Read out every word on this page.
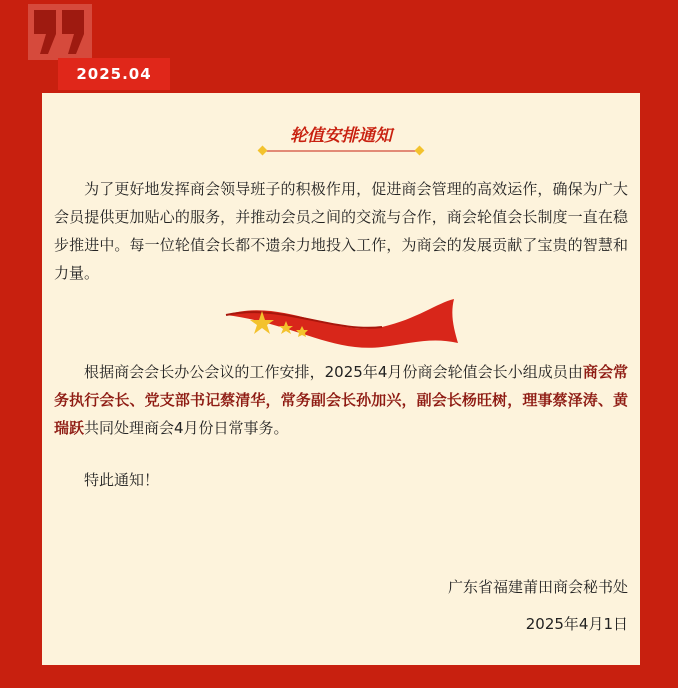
2025.04
轮值安排通知
为了更好地发挥商会领导班子的积极作用，促进商会管理的高效运作，确保为广大会员提供更加贴心的服务，并推动会员之间的交流与合作，商会轮值会长制度一直在稳步推进中。每一位轮值会长都不遗余力地投入工作，为商会的发展贡献了宝贵的智慧和力量。
根据商会会长办公会议的工作安排，2025年4月份商会轮值会长小组成员由商会常务执行会长、党支部书记蔡清华，常务副会长孙加兴，副会长杨旺树，理事蔡泽涛、黄瑞跃共同处理商会4月份日常事务。
特此通知！
广东省福建莆田商会秘书处
2025年4月1日
